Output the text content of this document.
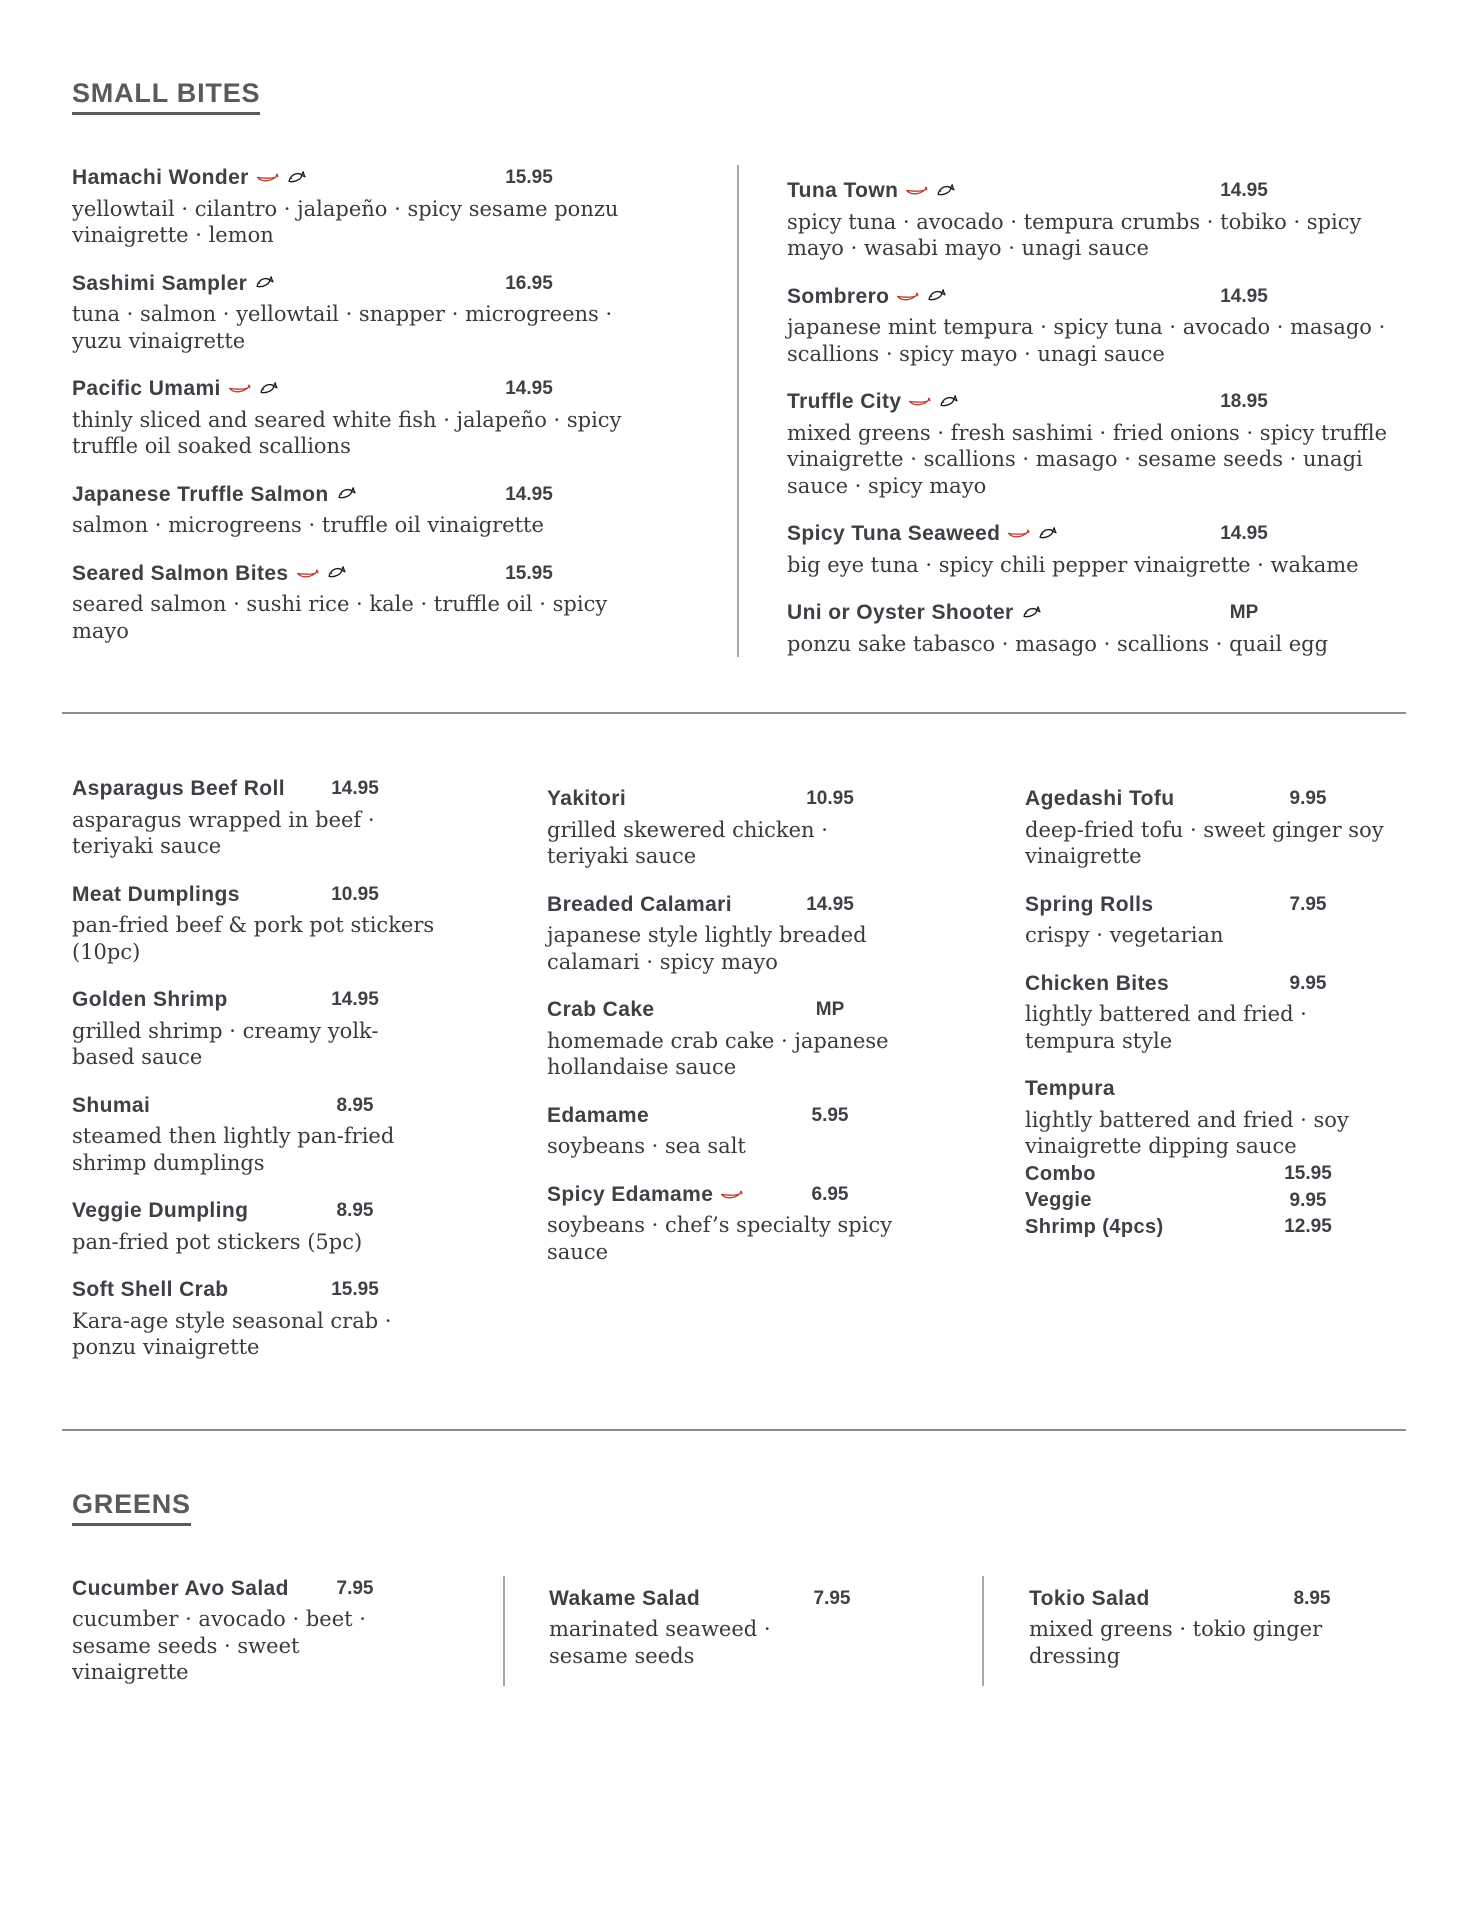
SMALL BITES
Hamachi Wonder	15.95
yellowtail · cilantro · jalapeño · spicy sesame ponzu vinaigrette · lemon
Sashimi Sampler	16.95
tuna · salmon · yellowtail · snapper · microgreens · yuzu vinaigrette
Pacific Umami	14.95
thinly sliced and seared white fish · jalapeño · spicy truffle oil soaked scallions
Japanese Truffle Salmon	14.95
salmon · microgreens · truffle oil vinaigrette
Seared Salmon Bites	15.95
seared salmon · sushi rice · kale · truffle oil · spicy mayo
Tuna Town	14.95
spicy tuna · avocado · tempura crumbs · tobiko · spicy mayo · wasabi mayo · unagi sauce
Sombrero	14.95
japanese mint tempura · spicy tuna · avocado · masago · scallions · spicy mayo · unagi sauce
Truffle City	18.95
mixed greens · fresh sashimi · fried onions · spicy truffle vinaigrette · scallions · masago · sesame seeds · unagi sauce · spicy mayo
Spicy Tuna Seaweed	14.95
big eye tuna · spicy chili pepper vinaigrette · wakame
Uni or Oyster Shooter	MP
ponzu sake tabasco · masago · scallions · quail egg
Asparagus Beef Roll	14.95
asparagus wrapped in beef · teriyaki sauce
Meat Dumplings	10.95
pan-fried beef & pork pot stickers (10pc)
Golden Shrimp	14.95
grilled shrimp · creamy yolk-based sauce
Shumai	8.95
steamed then lightly pan-fried shrimp dumplings
Veggie Dumpling	8.95
pan-fried pot stickers (5pc)
Soft Shell Crab	15.95
Kara-age style seasonal crab · ponzu vinaigrette
Yakitori	10.95
grilled skewered chicken · teriyaki sauce
Breaded Calamari	14.95
japanese style lightly breaded calamari · spicy mayo
Crab Cake	MP
homemade crab cake · japanese hollandaise sauce
Edamame	5.95
soybeans · sea salt
Spicy Edamame	6.95
soybeans · chef’s specialty spicy sauce
Agedashi Tofu	9.95
deep-fried tofu · sweet ginger soy vinaigrette
Spring Rolls	7.95
crispy · vegetarian
Chicken Bites	9.95
lightly battered and fried · tempura style
Tempura
lightly battered and fried · soy vinaigrette dipping sauce
Combo	15.95
Veggie	9.95
Shrimp (4pcs)	12.95
GREENS
Cucumber Avo Salad	7.95
cucumber · avocado · beet · sesame seeds · sweet vinaigrette
Wakame Salad	7.95
marinated seaweed · sesame seeds
Tokio Salad	8.95
mixed greens · tokio ginger dressing
